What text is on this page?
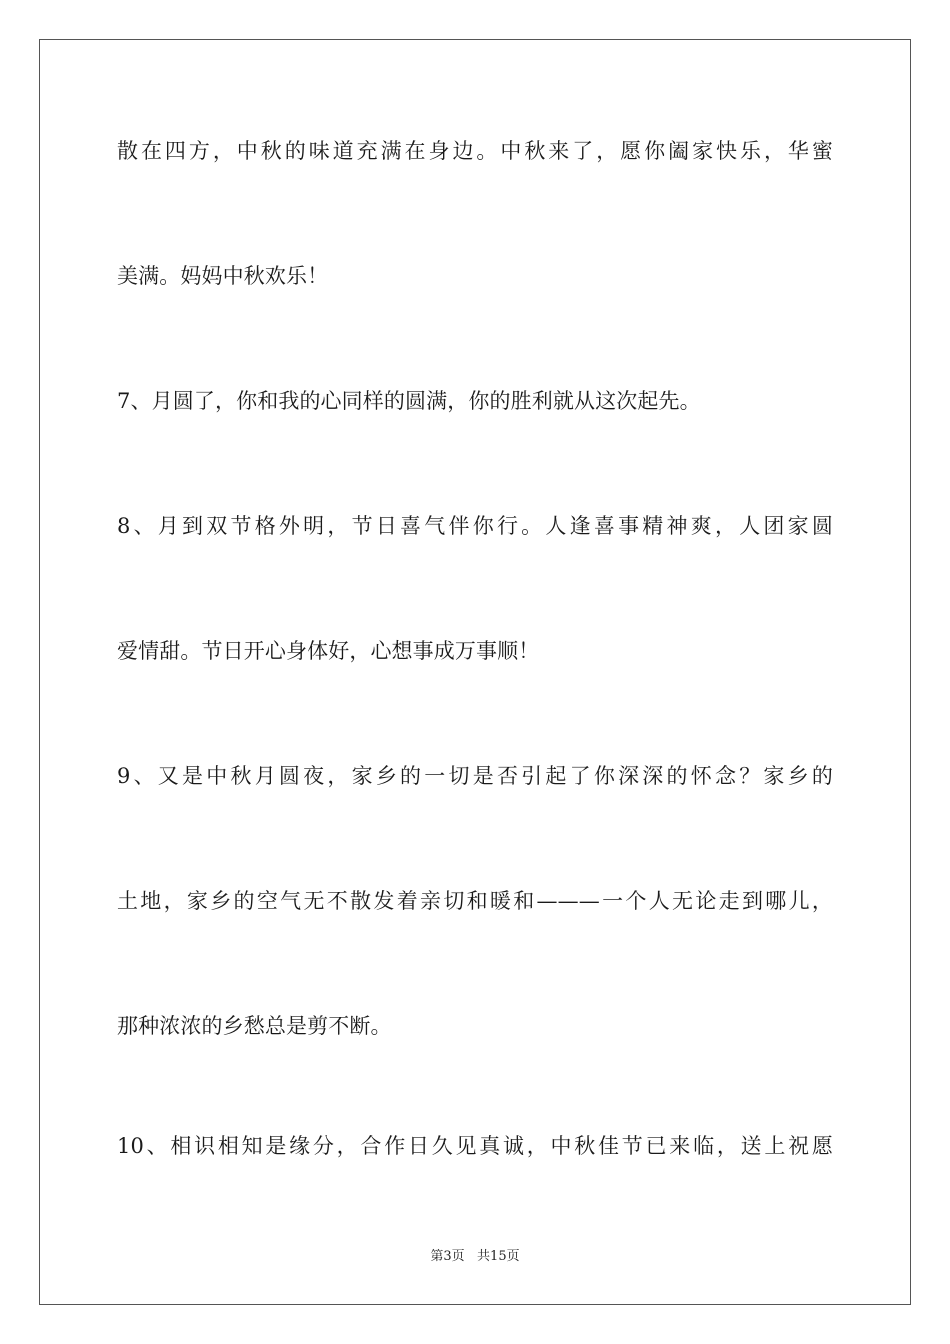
散在四方，中秋的味道充满在身边。中秋来了，愿你阖家快乐，华蜜
美满。妈妈中秋欢乐！
7、月圆了，你和我的心同样的圆满，你的胜利就从这次起先。
8、月到双节格外明，节日喜气伴你行。人逢喜事精神爽，人团家圆
爱情甜。节日开心身体好，心想事成万事顺！
9、又是中秋月圆夜，家乡的一切是否引起了你深深的怀念？家乡的
土地，家乡的空气无不散发着亲切和暖和———一个人无论走到哪儿，
那种浓浓的乡愁总是剪不断。
10、相识相知是缘分，合作日久见真诚，中秋佳节已来临，送上祝愿
第3页   共15页
